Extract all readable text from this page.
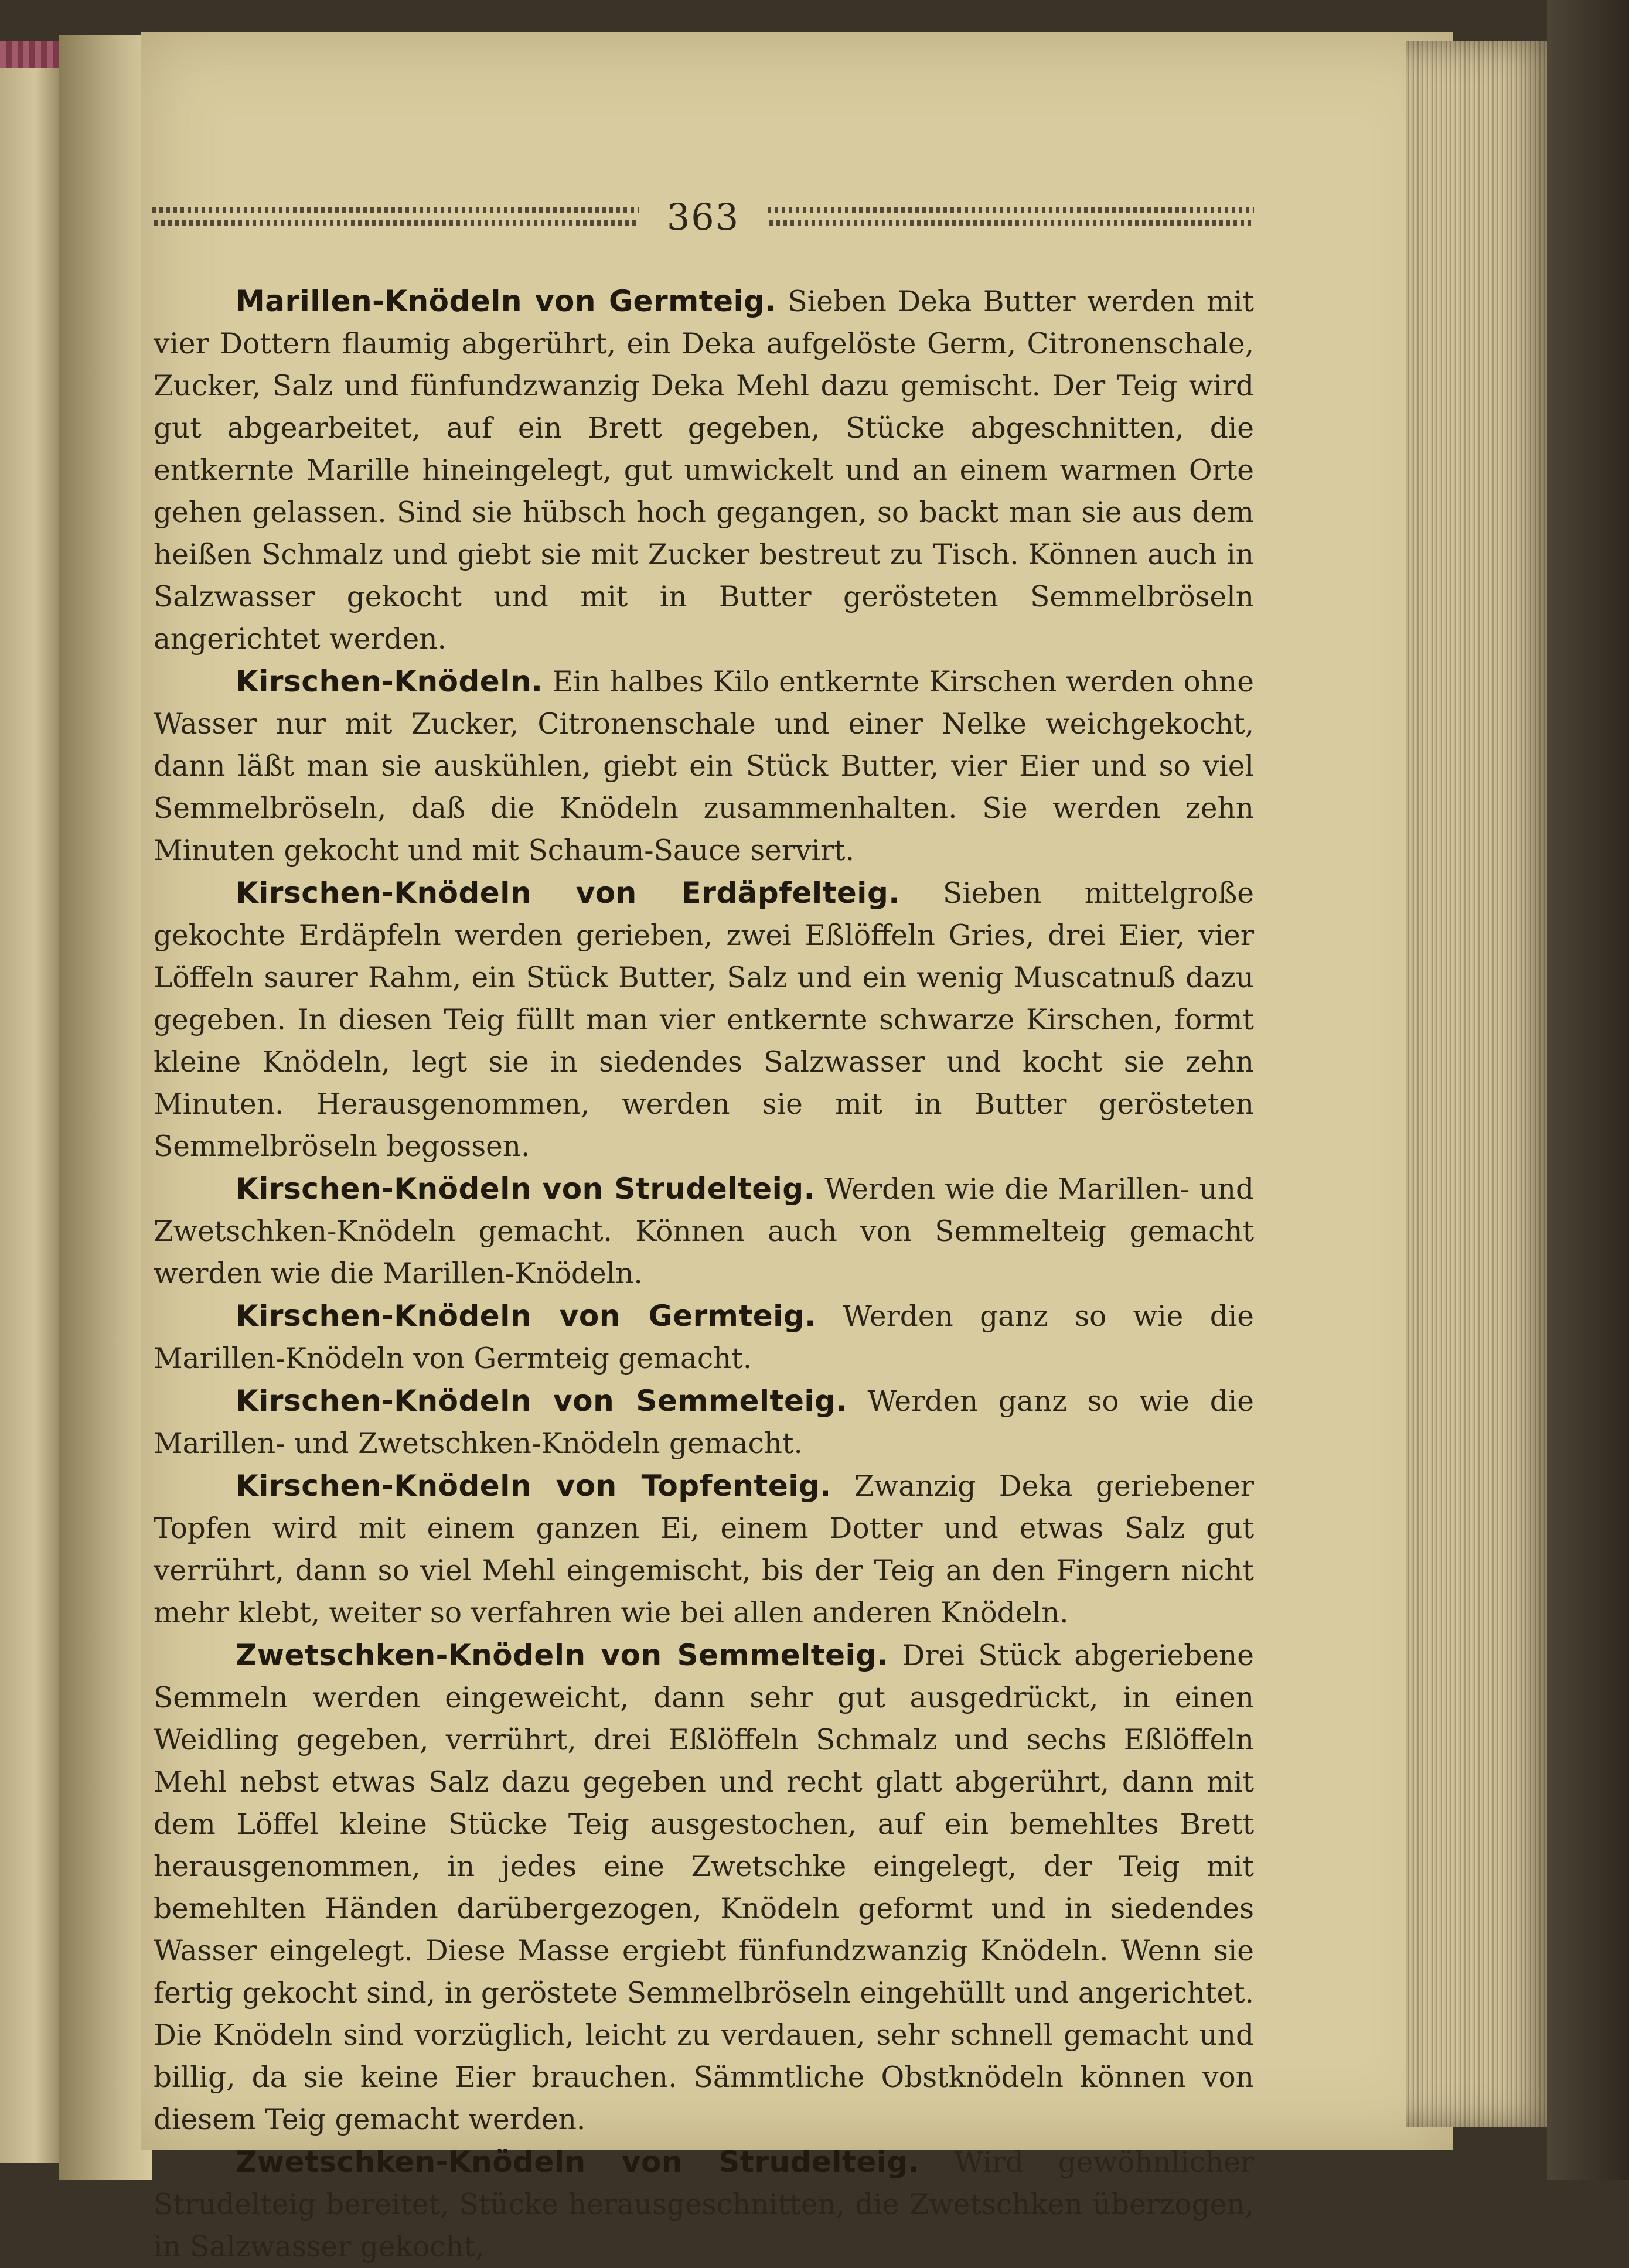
363

Marillen-Knödeln von Germteig. Sieben Deka Butter werden mit vier Dottern flaumig abgerührt, ein Deka aufgelöste Germ, Citronenschale, Zucker, Salz und fünfundzwanzig Deka Mehl dazu gemischt. Der Teig wird gut abgearbeitet, auf ein Brett gegeben, Stücke abgeschnitten, die entkernte Marille hineingelegt, gut umwickelt und an einem warmen Orte gehen gelassen. Sind sie hübsch hoch gegangen, so backt man sie aus dem heißen Schmalz und giebt sie mit Zucker bestreut zu Tisch. Können auch in Salzwasser gekocht und mit in Butter gerösteten Semmelbröseln angerichtet werden.

Kirschen-Knödeln. Ein halbes Kilo entkernte Kirschen werden ohne Wasser nur mit Zucker, Citronenschale und einer Nelke weichgekocht, dann läßt man sie auskühlen, giebt ein Stück Butter, vier Eier und so viel Semmelbröseln, daß die Knödeln zusammenhalten. Sie werden zehn Minuten gekocht und mit Schaum-Sauce servirt.

Kirschen-Knödeln von Erdäpfelteig. Sieben mittelgroße gekochte Erdäpfeln werden gerieben, zwei Eßlöffeln Gries, drei Eier, vier Löffeln saurer Rahm, ein Stück Butter, Salz und ein wenig Muscatnuß dazu gegeben. In diesen Teig füllt man vier entkernte schwarze Kirschen, formt kleine Knödeln, legt sie in siedendes Salzwasser und kocht sie zehn Minuten. Herausgenommen, werden sie mit in Butter gerösteten Semmelbröseln begossen.

Kirschen-Knödeln von Strudelteig. Werden wie die Marillen- und Zwetschken-Knödeln gemacht. Können auch von Semmelteig gemacht werden wie die Marillen-Knödeln.

Kirschen-Knödeln von Germteig. Werden ganz so wie die Marillen-Knödeln von Germteig gemacht.

Kirschen-Knödeln von Semmelteig. Werden ganz so wie die Marillen- und Zwetschken-Knödeln gemacht.

Kirschen-Knödeln von Topfenteig. Zwanzig Deka geriebener Topfen wird mit einem ganzen Ei, einem Dotter und etwas Salz gut verrührt, dann so viel Mehl eingemischt, bis der Teig an den Fingern nicht mehr klebt, weiter so verfahren wie bei allen anderen Knödeln.

Zwetschken-Knödeln von Semmelteig. Drei Stück abgeriebene Semmeln werden eingeweicht, dann sehr gut ausgedrückt, in einen Weidling gegeben, verrührt, drei Eßlöffeln Schmalz und sechs Eßlöffeln Mehl nebst etwas Salz dazu gegeben und recht glatt abgerührt, dann mit dem Löffel kleine Stücke Teig ausgestochen, auf ein bemehltes Brett herausgenommen, in jedes eine Zwetschke eingelegt, der Teig mit bemehlten Händen darübergezogen, Knödeln geformt und in siedendes Wasser eingelegt. Diese Masse ergiebt fünfundzwanzig Knödeln. Wenn sie fertig gekocht sind, in geröstete Semmelbröseln eingehüllt und angerichtet. Die Knödeln sind vorzüglich, leicht zu verdauen, sehr schnell gemacht und billig, da sie keine Eier brauchen. Sämmtliche Obstknödeln können von diesem Teig gemacht werden.

Zwetschken-Knödeln von Strudelteig. Wird gewöhnlicher Strudelteig bereitet, Stücke herausgeschnitten, die Zwetschken überzogen, in Salzwasser gekocht,
